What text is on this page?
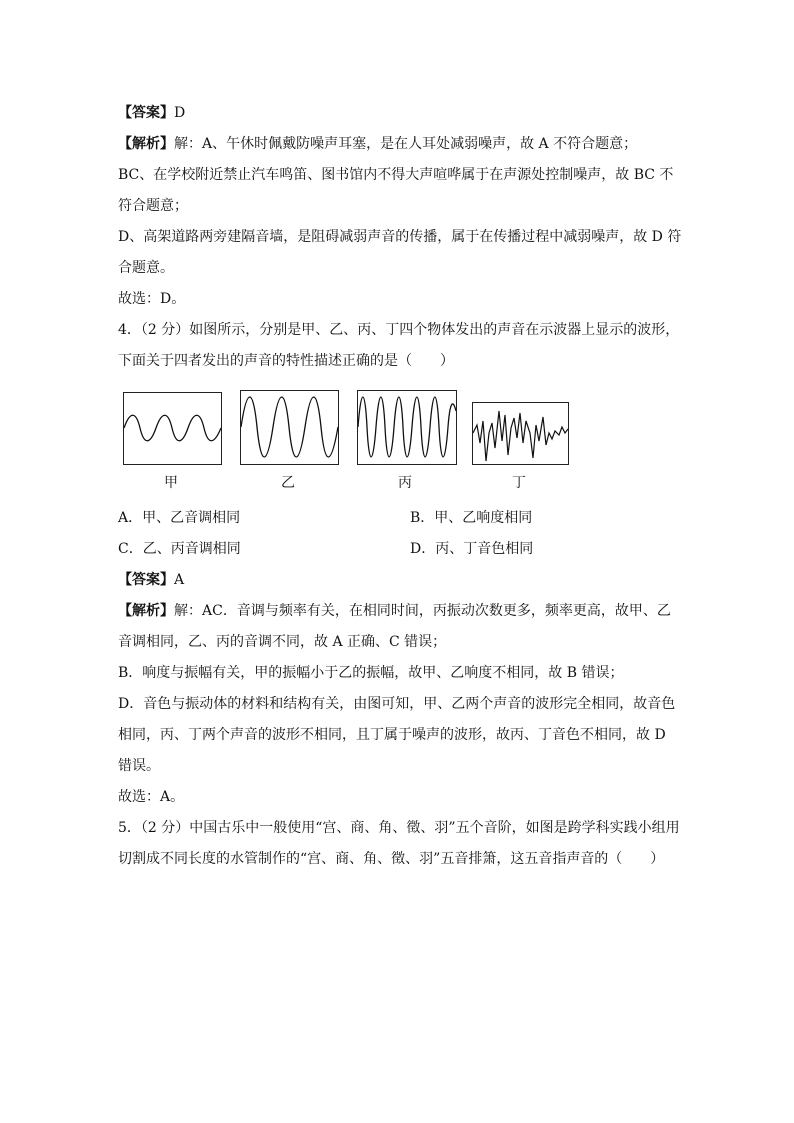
【答案】D
【解析】解：A、午休时佩戴防噪声耳塞，是在人耳处减弱噪声，故 A 不符合题意；
BC、在学校附近禁止汽车鸣笛、图书馆内不得大声喧哗属于在声源处控制噪声，故 BC 不
符合题意；
D、高架道路两旁建隔音墙，是阻碍减弱声音的传播，属于在传播过程中减弱噪声，故 D 符
合题意。
故选：D。
4．（2 分）如图所示，分别是甲、乙、丙、丁四个物体发出的声音在示波器上显示的波形，
下面关于四者发出的声音的特性描述正确的是（　　）
甲	乙	丙	丁
A．甲、乙音调相同	B．甲、乙响度相同
C．乙、丙音调相同	D．丙、丁音色相同
【答案】A
【解析】解：AC．音调与频率有关，在相同时间，丙振动次数更多，频率更高，故甲、乙
音调相同，乙、丙的音调不同，故 A 正确、C 错误；
B．响度与振幅有关，甲的振幅小于乙的振幅，故甲、乙响度不相同，故 B 错误；
D．音色与振动体的材料和结构有关，由图可知，甲、乙两个声音的波形完全相同，故音色
相同，丙、丁两个声音的波形不相同，且丁属于噪声的波形，故丙、丁音色不相同，故 D
错误。
故选：A。
5．（2 分）中国古乐中一般使用“宫、商、角、徵、羽”五个音阶，如图是跨学科实践小组用
切割成不同长度的水管制作的“宫、商、角、徵、羽”五音排箫，这五音指声音的（　　）
